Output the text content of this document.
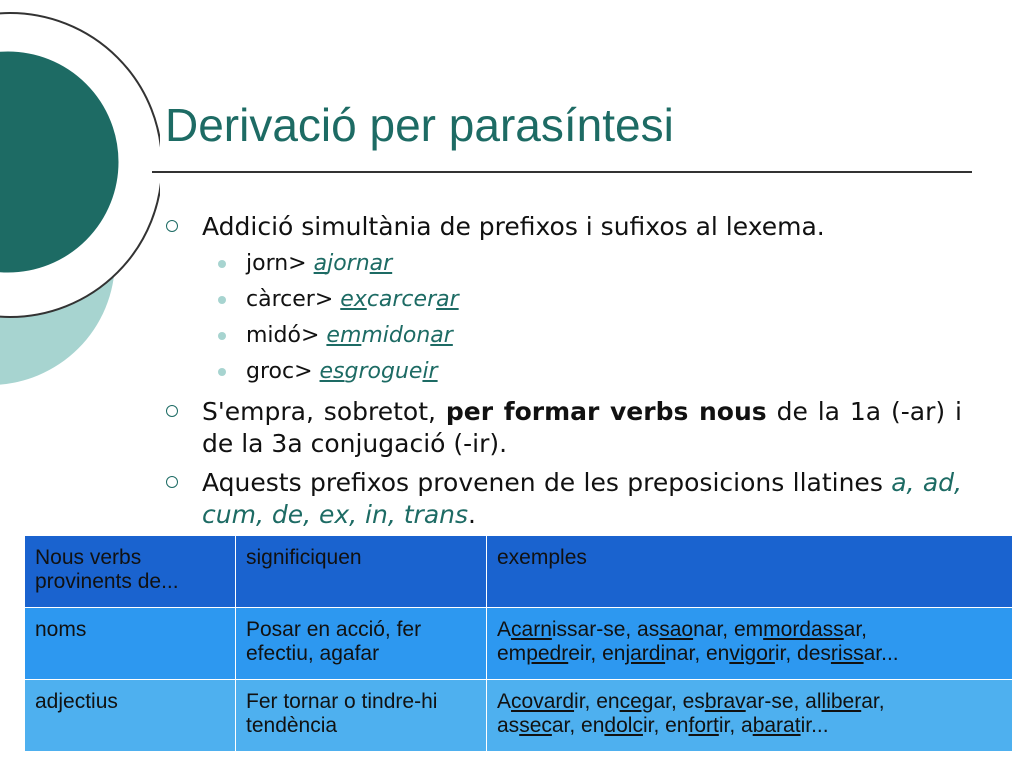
Derivació per parasíntesi
Addició simultània de prefixos i sufixos al lexema.
jorn> ajornar
càrcer> excarcerar
midó> emmidonar
groc> esgrogueir
S'empra, sobretot, per formar verbs nous de la 1a (-ar) i de la 3a conjugació (-ir).
Aquests prefixos provenen de les preposicions llatines a, ad, cum, de, ex, in, trans.
Nous verbs provinents de...	significiquen	exemples
noms	Posar en acció, fer efectiu, agafar	Acarnissar-se, assaonar, emmordassar,
empedreir, enjardinar, envigorir, desrissar...
adjectius	Fer tornar o tindre-hi tendència	Acovardir, encegar, esbravar-se, alliberar,
assecar, endolcir, enfortir, abaratir...
